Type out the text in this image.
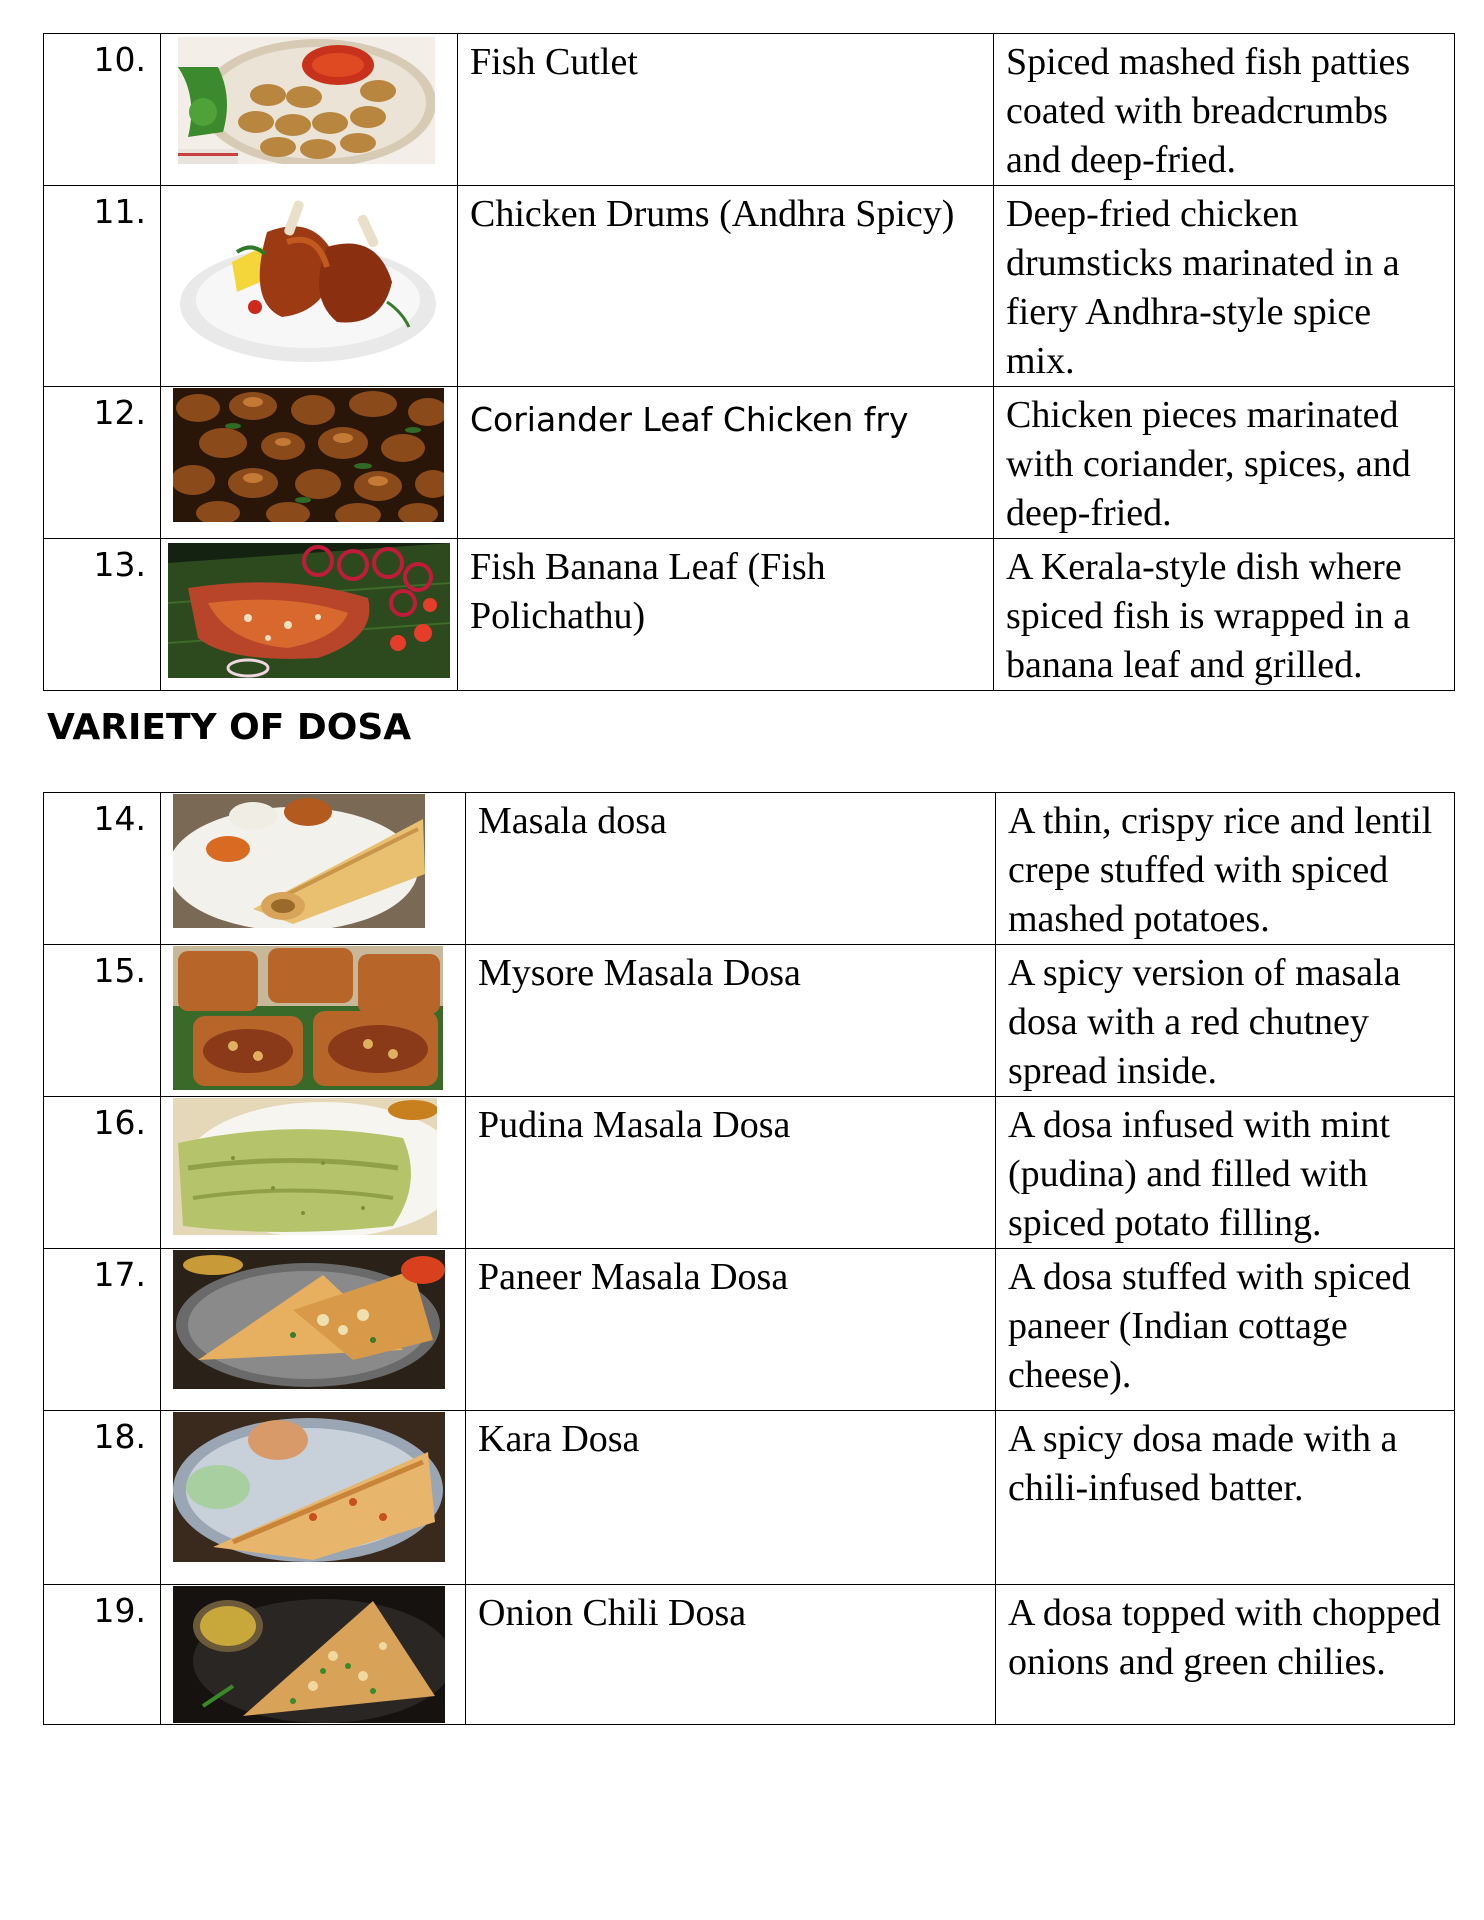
10.		Fish Cutlet	Spiced mashed fish patties coated with breadcrumbs and deep-fried.
11.		Chicken Drums (Andhra Spicy)	Deep-fried chicken drumsticks marinated in a fiery Andhra-style spice mix.
12.		Coriander Leaf Chicken fry	Chicken pieces marinated with coriander, spices, and deep-fried.
13.		Fish Banana Leaf (Fish Polichathu)	A Kerala-style dish where spiced fish is wrapped in a banana leaf and grilled.
VARIETY OF DOSA
14.		Masala dosa	A thin, crispy rice and lentil crepe stuffed with spiced mashed potatoes.
15.		Mysore Masala Dosa	A spicy version of masala dosa with a red chutney spread inside.
16.		Pudina Masala Dosa	A dosa infused with mint (pudina) and filled with spiced potato filling.
17.		Paneer Masala Dosa	A dosa stuffed with spiced paneer (Indian cottage cheese).
18.		Kara Dosa	A spicy dosa made with a chili-infused batter.
19.		Onion Chili Dosa	A dosa topped with chopped onions and green chilies.
